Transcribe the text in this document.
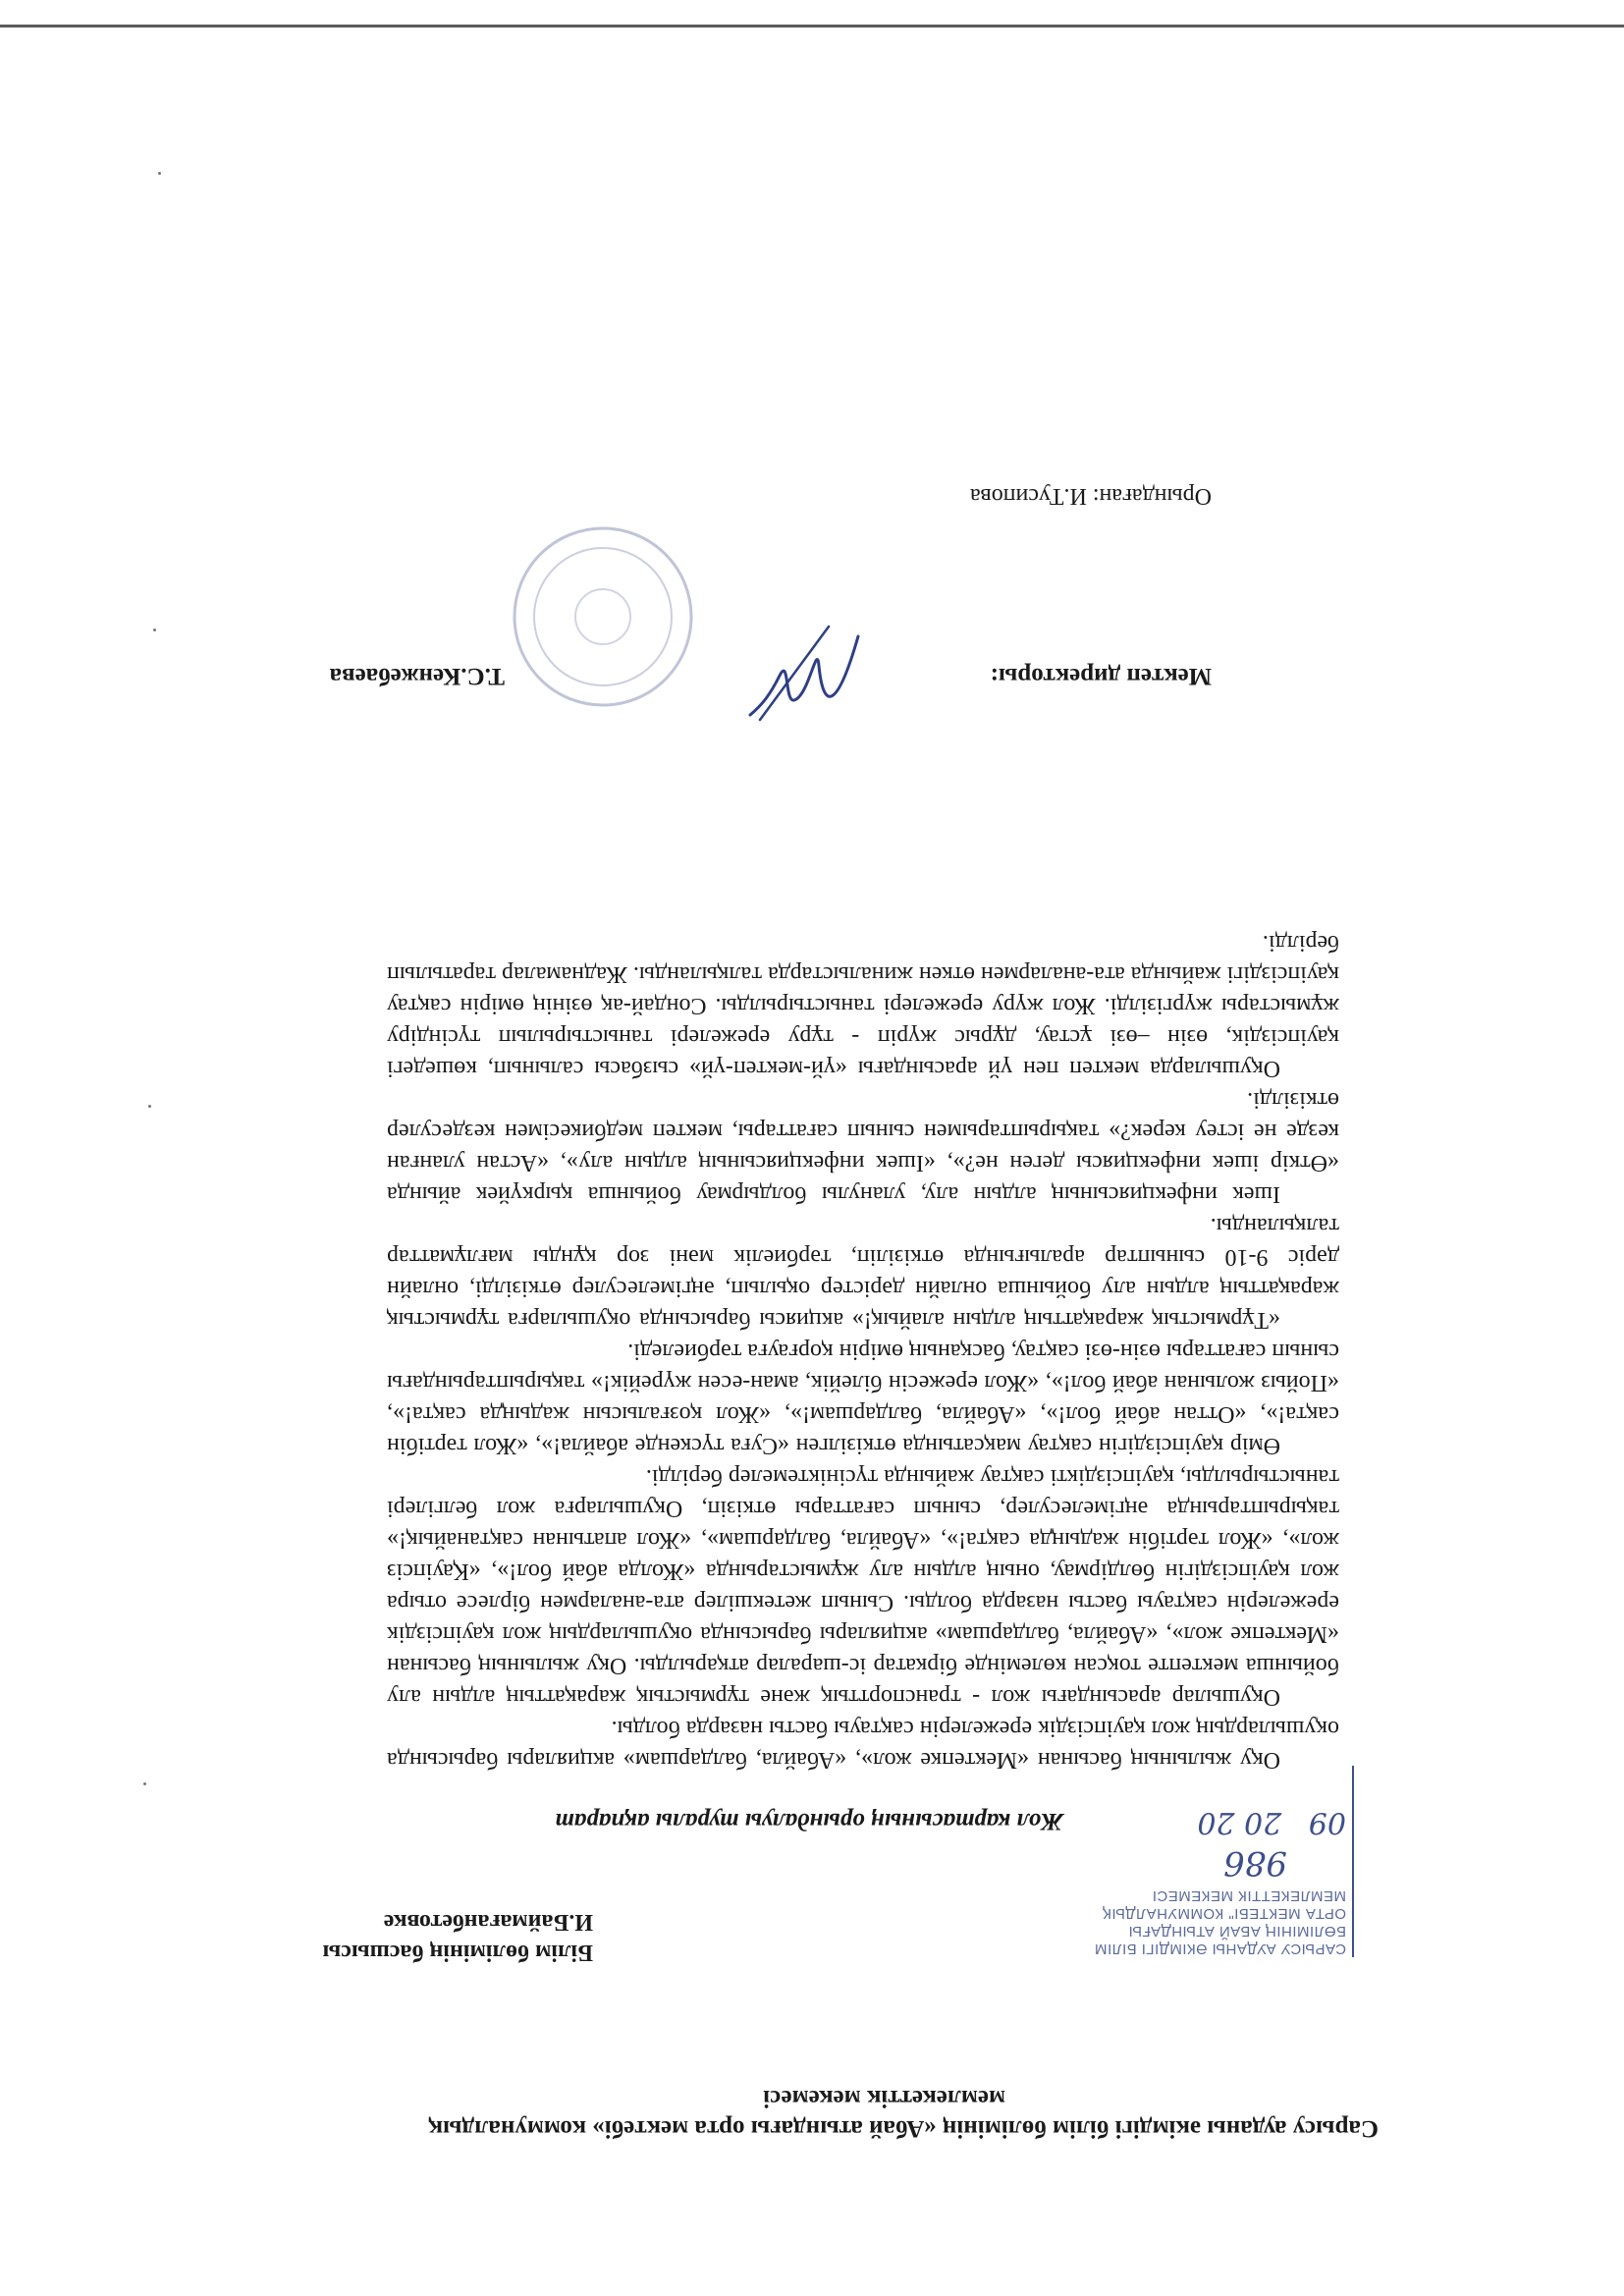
Сарысу ауданы әкімдігі білім бөлімінің «Абай атындағы орта мектебі» коммуналдық
мемлекеттік мекемесі
САРЫСУ АУДАНЫ ӘКІМДІГІ БІЛІМ
БӨЛІМІНІҢ АБАЙ АТЫНДАҒЫ
ОРТА МЕКТЕБІ" КОММУНАЛДЫҚ
МЕМЛЕКЕТТІК МЕКЕМЕСІ
986
09 20 20
Білім бөлімінің басшысы
И.Баймағанбетовке
Жол картасының орындалуы туралы ақпарат

Оқу жылының басынан «Мектепке жол», «Абайла, балдаршам» акциялары барысында оқушылардың жол қауіпсіздік ережелерін сақтауы басты назарда болды.

Оқушылар арасындағы жол - транспорттық және тұрмыстық жарақаттың алдын алу бойынша мектепте тоқсан көлемінде біркатар іс-шаралар атқарылды. Оқу жылының басынан «Мектепке жол», «Абайла, балдаршам» акциялары барысында оқушылардың жол қауіпсіздік ережелерін сақтауы басты назарда болды. Сынып жетекшілер ата-аналармен бірлесе отыра жол қауіпсіздігін бөлдірмау, оның алдын алу жұмыстарында «Жолда абай бол!», «Қауіпсіз жол», «Жол тәртібін жадыңда сақта!», «Абайла, балдаршам», «Жол апатынан сақтанайық!» тақырыптарында әңгімелесулер, сынып сағаттары өткізіп, Оқушыларға жол белгілері таныстырылды, қауіпсіздікті сақтау жайында түсініктемелер берілді.

Өмір қауіпсіздігін сақтау мақсатында өткізілген «Суға түскенде абайла!», «Жол тәртібін сақта!», «Оттан абай бол!», «Абайла, балдаршам!», «Жол қозғалысын жадыңда сақта!», «Пойыз жолынан абай бол!», «Жол ережесін білейік, аман-есен жүрейік!» тақырыптарындағы сынып сағаттары өзін-өзі сақтау, басқаның өмірін қорғауға тәрбиеледі.

«Тұрмыстық жарақаттың алдын алайық!» акциясы барысында оқушыларға тұрмыстық жарақаттың алдын алу бойынша онлайн дәрістер оқылып, әңгімелесулер өткізілді, онлайн дәріс 9-10 сыныптар аралығында өткізіліп, тәрбиелік мәні зор құнды мағлұматтар талқыланды.

Ішек инфекциясының алдын алу, уланулы болдырмау бойынша қыркүйек айында «Өткір ішек инфекциясы деген не?», «Ішек инфекциясының алдын алу», «Астан уланған кезде не істеу керек?» тақырыптарымен сынып сағаттары, мектеп медбикесімен кездесулер өткізілді.

Оқушыларда мектеп пен үй арасындағы «үй-мектеп-үй» сызбасы салынып, көшедегі қауіпсіздік, өзін –өзі ұстау, дұрыс жүріп - тұру ережелері таныстырылып түсіндіру жұмыстары жүргізілді. Жол жүру ережелері таныстырылды. Сондай-ақ өзінің өмірін сақтау қауіпсіздігі жайында ата-аналармен өткен жиналыстарда талқыланды. Жаднамалар таратылып берілді.

Мектеп директоры:
Т.С.Кенжебаева
Орындаған: И.Тусипова
